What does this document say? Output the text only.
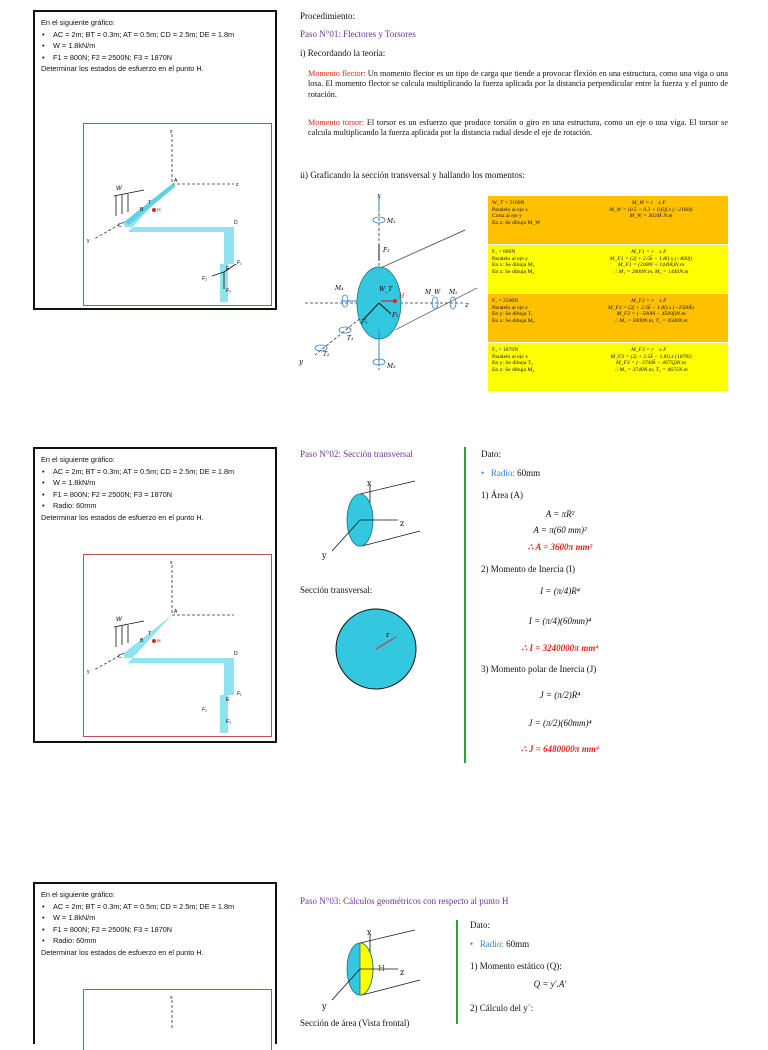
En el siguiente gráfico:
• AC = 2m; BT = 0.3m; AT = 0.5m; CD = 2.5m; DE = 1.8m
• W = 1.8kN/m
• F1 = 800N; F2 = 2500N; F3 = 1870N
Determinar los estados de esfuerzo en el punto H.
W
A
B
T
H
C	D
E
x
z
y
F₁
F₂
F₃
Procedimiento:
Paso N°01: Flectores y Torsores
i) Recordando la teoría:
Momento flector: Un momento flector es un tipo de carga que tiende a provocar flexión en una estructura, como una viga o una losa. El momento flector se calcula multiplicando la fuerza aplicada por la distancia perpendicular entre la fuerza y el punto de rotación.
Momento torsor: El torsor es un esfuerzo que produce torsión o giro en una estructura, como un eje o una viga. El torsor se calcula multiplicando la fuerza aplicada por la distancia radial desde el eje de rotación.
ii) Graficando la sección transversal y hallando los momentos:
x
z
y
M₁
M₂
M₃
M₄
M_W
W_T
H
F₃
F₁
F₂
T₁
T₂
W_T = 2160N
Paralelo al eje x
Corta al eje y
En z: Se dibuja M_W
M_W = r⃗ x F⃗
M_W = (0.5 + 0.3 + 0.6)ĵ x (−2160)î
M_W = 3024k̂ N.m
F₁ = 800N
Paralelo al eje y
En x: Se dibuja M₁
En z: Se dibuja M₂
M_F1 = r⃗ x F⃗
M_F1 = (2ĵ + 2.5k̂ − 1.8î) x (−800ĵ)
M_F1 = (2000î + 1440k̂)N.m
∴ M₁ = 2000N.m, M₂ = 1440N.m
F₂ = 2500N
Paralelo al eje z
En y: Se dibuja T₁
En x: Se dibuja M₃
M_F2 = r⃗ x F⃗
M_F2 = (2ĵ + 2.5k̂ − 1.8î) x (−2500k̂)
M_F2 = (−5000î − 4500ĵ)N.m
∴ M₃ = 5000N.m, T₁ = 4500N.m
F₃ = 1870N
Paralelo al eje x
En y: Se dibuja T₂
En z: Se dibuja M₄
M_F3 = r⃗ x F⃗
M_F3 = (2ĵ + 2.5k̂ − 1.8î) x (1870î)
M_F3 = (−3740k̂ − 4675ĵ)N.m
∴ M₄ = 3740N.m, T₂ = 4675N.m
En el siguiente gráfico:
• AC = 2m; BT = 0.3m; AT = 0.5m; CD = 2.5m; DE = 1.8m
• W = 1.8kN/m
• F1 = 800N; F2 = 2500N; F3 = 1870N
• Radio: 60mm
Determinar los estados de esfuerzo en el punto H.
W
A
B
T
H
C	D
E
x
y
F₁
F₂
F₃
Paso N°02: Sección transversal
x
z
y
Sección transversal:
r
Dato:
•   Radio: 60mm
1) Área (A)
A = πR²
A = π(60 mm)²
∴ A = 3600π mm²
2) Momento de Inercia (I)
I = (π/4)R⁴
I = (π/4)(60mm)⁴
∴ I = 3240000π mm⁴
3) Momento polar de Inercia (J)
J = (π/2)R⁴
J = (π/2)(60mm)⁴
∴ J = 6480000π mm⁴
En el siguiente gráfico:
• AC = 2m; BT = 0.3m; AT = 0.5m; CD = 2.5m; DE = 1.8m
• W = 1.8kN/m
• F1 = 800N; F2 = 2500N; F3 = 1870N
• Radio: 60mm
Determinar los estados de esfuerzo en el punto H.
x
Paso N°03: Cálculos geométricos con respecto al punto H
x
H z
y
Sección de área (Vista frontal)
Dato:
•   Radio: 60mm
1) Momento estático (Q):
Q = y′.A′
2) Cálculo del y´:
